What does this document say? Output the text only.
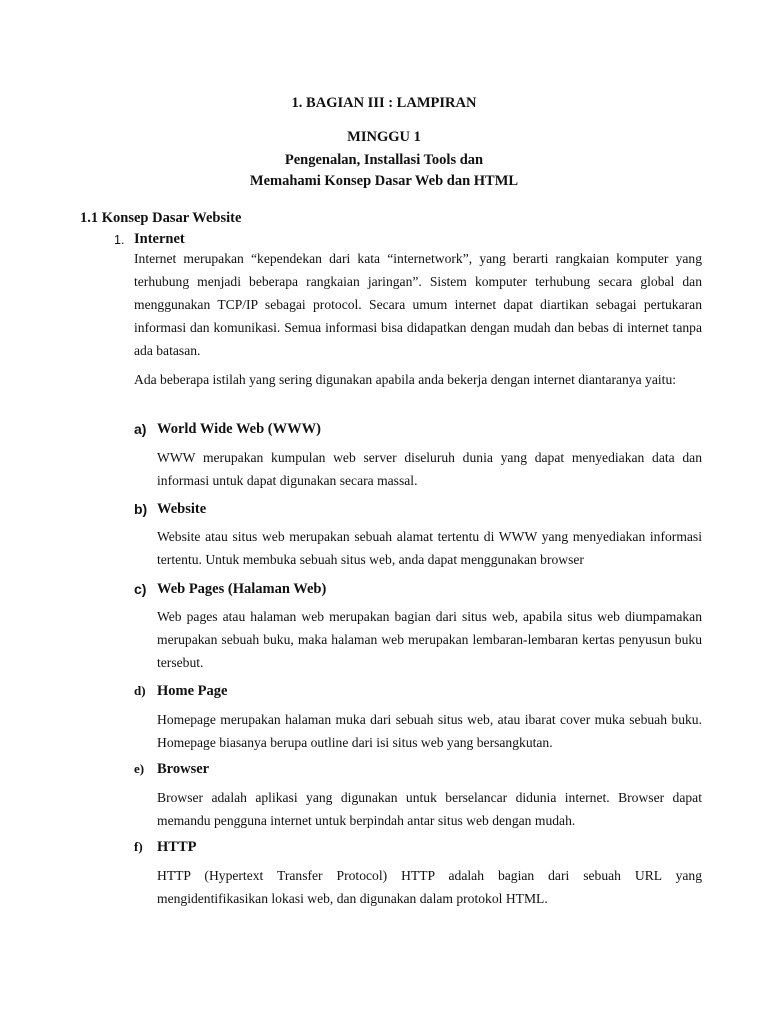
1. BAGIAN III : LAMPIRAN
MINGGU 1
Pengenalan, Installasi Tools dan
Memahami Konsep Dasar Web dan HTML
1.1 Konsep Dasar Website
1. Internet
Internet merupakan “kependekan dari kata “internetwork”, yang berarti rangkaian komputer yang terhubung menjadi beberapa rangkaian jaringan”. Sistem komputer terhubung secara global dan menggunakan TCP/IP sebagai protocol. Secara umum internet dapat diartikan sebagai pertukaran informasi dan komunikasi. Semua informasi bisa didapatkan dengan mudah dan bebas di internet tanpa ada batasan.
Ada beberapa istilah yang sering digunakan apabila anda bekerja dengan internet diantaranya yaitu:
a) World Wide Web (WWW)
WWW merupakan kumpulan web server diseluruh dunia yang dapat menyediakan data dan informasi untuk dapat digunakan secara massal.
b) Website
Website atau situs web merupakan sebuah alamat tertentu di WWW yang menyediakan informasi tertentu. Untuk membuka sebuah situs web, anda dapat menggunakan browser
c) Web Pages (Halaman Web)
Web pages atau halaman web merupakan bagian dari situs web, apabila situs web diumpamakan merupakan sebuah buku, maka halaman web merupakan lembaran-lembaran kertas penyusun buku tersebut.
d) Home Page
Homepage merupakan halaman muka dari sebuah situs web, atau ibarat cover muka sebuah buku. Homepage biasanya berupa outline dari isi situs web yang bersangkutan.
e) Browser
Browser adalah aplikasi yang digunakan untuk berselancar didunia internet. Browser dapat memandu pengguna internet untuk berpindah antar situs web dengan mudah.
f) HTTP
HTTP (Hypertext Transfer Protocol) HTTP adalah bagian dari sebuah URL yang mengidentifikasikan lokasi web, dan digunakan dalam protokol HTML.
